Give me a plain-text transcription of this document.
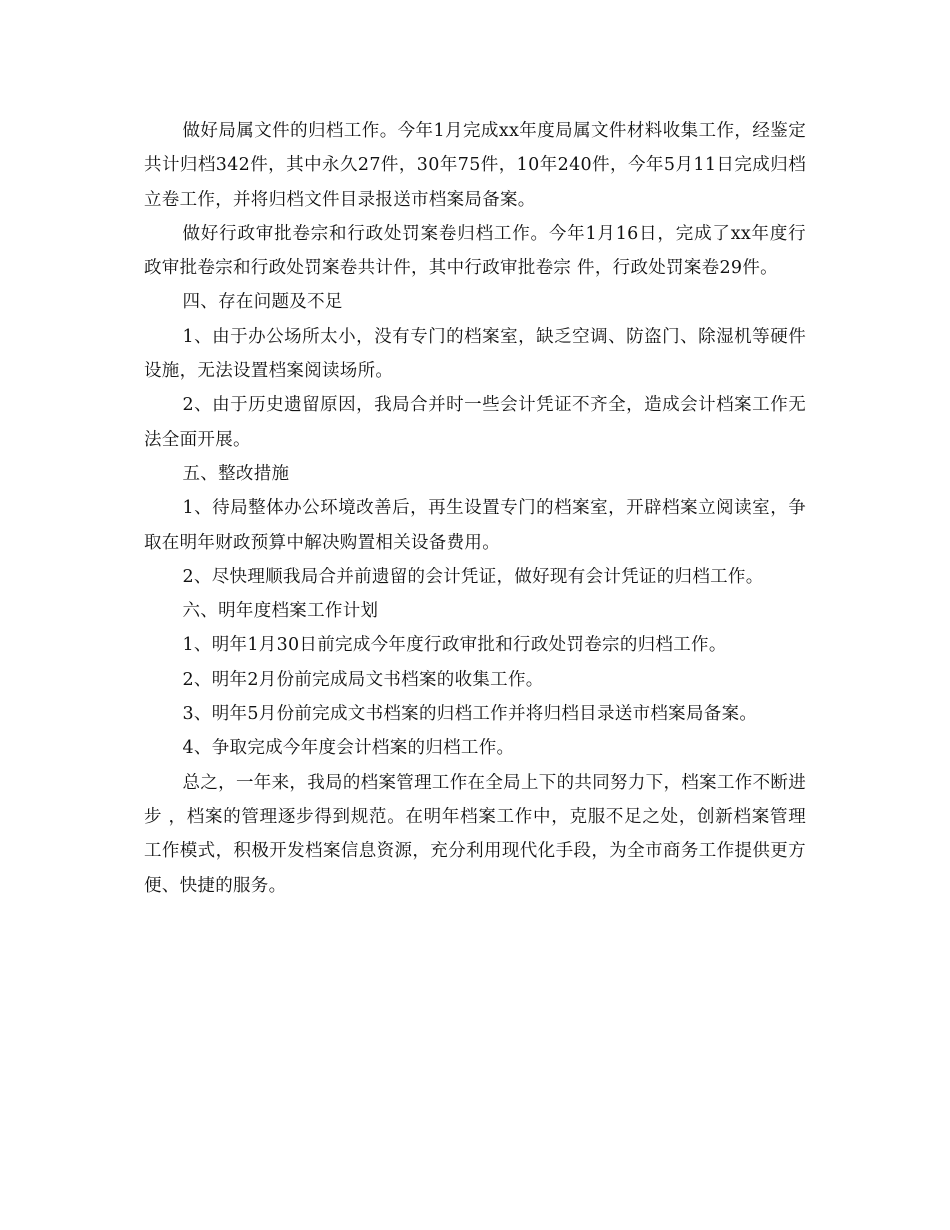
做好局属文件的归档工作。今年1月完成xx年度局属文件材料收集工作，经鉴定共计归档342件，其中永久27件，30年75件，10年240件，今年5月11日完成归档立卷工作，并将归档文件目录报送市档案局备案。

做好行政审批卷宗和行政处罚案卷归档工作。今年1月16日，完成了xx年度行政审批卷宗和行政处罚案卷共计件，其中行政审批卷宗 件，行政处罚案卷29件。

四、存在问题及不足

1、由于办公场所太小，没有专门的档案室，缺乏空调、防盗门、除湿机等硬件设施，无法设置档案阅读场所。

2、由于历史遗留原因，我局合并时一些会计凭证不齐全，造成会计档案工作无法全面开展。

五、整改措施

1、待局整体办公环境改善后，再生设置专门的档案室，开辟档案立阅读室，争取在明年财政预算中解决购置相关设备费用。

2、尽快理顺我局合并前遗留的会计凭证，做好现有会计凭证的归档工作。

六、明年度档案工作计划

1、明年1月30日前完成今年度行政审批和行政处罚卷宗的归档工作。

2、明年2月份前完成局文书档案的收集工作。

3、明年5月份前完成文书档案的归档工作并将归档目录送市档案局备案。

4、争取完成今年度会计档案的归档工作。

总之，一年来，我局的档案管理工作在全局上下的共同努力下，档案工作不断进步 ，档案的管理逐步得到规范。在明年档案工作中，克服不足之处，创新档案管理工作模式，积极开发档案信息资源，充分利用现代化手段，为全市商务工作提供更方便、快捷的服务。
